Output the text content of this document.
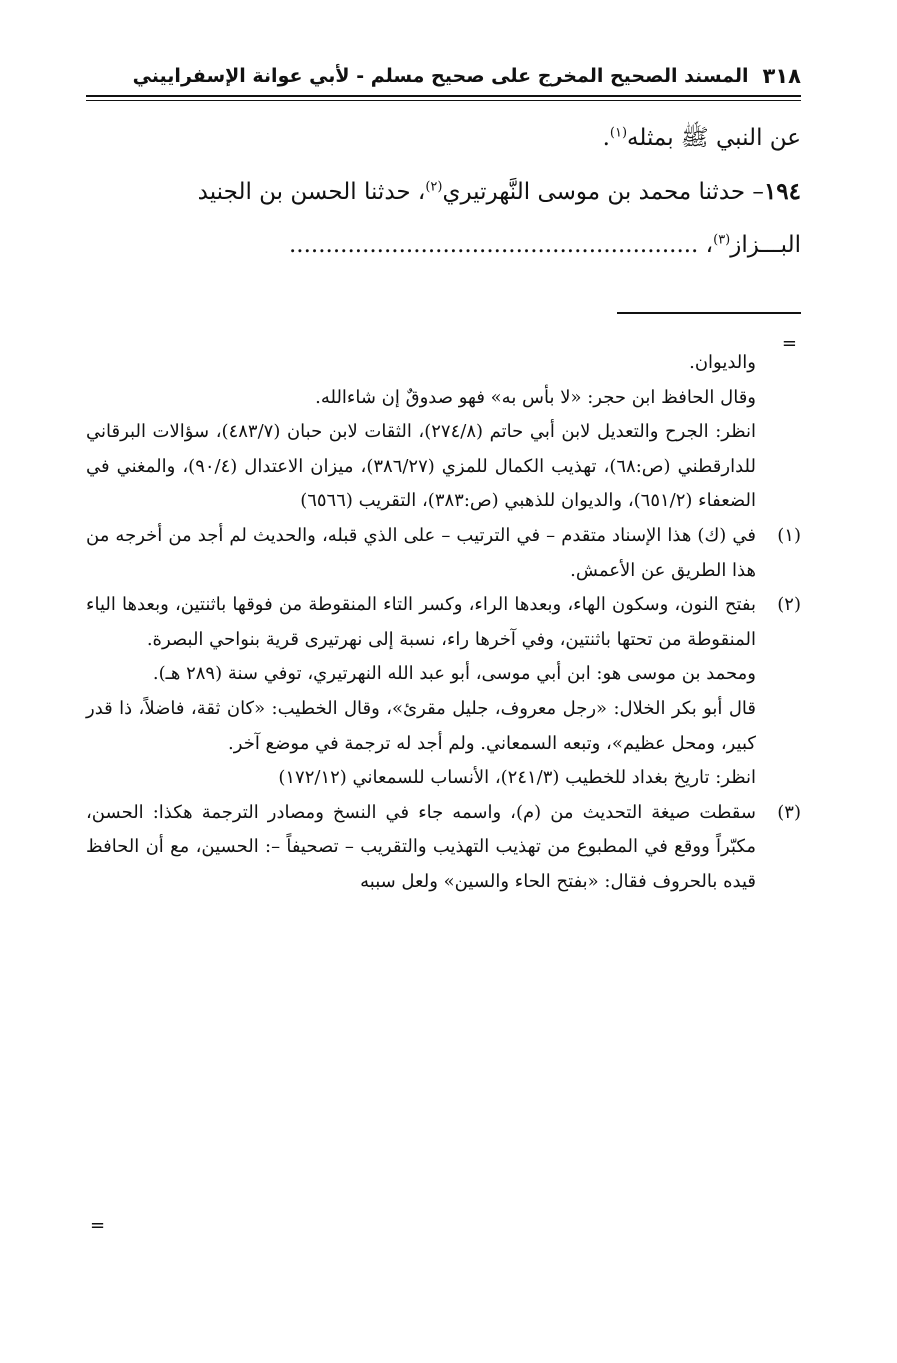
٣١٨
المسند الصحيح المخرج على صحيح مسلم - لأبي عوانة الإسفراييني

عن النبي ﷺ بمثله$^{(١)}$.

١٩٤– حدثنا محمد بن موسى النَّهرتيري$^{(٢)}$، حدثنا الحسن بن الجنيد

البـــزاز$^{(٣)}$، ........................................................

=

والديوان.

وقال الحافظ ابن حجر: «لا بأس به» فهو صدوقٌ إن شاءالله.

انظر: الجرح والتعديل لابن أبي حاتم (٢٧٤/٨)، الثقات لابن حبان (٤٨٣/٧)، سؤالات البرقاني للدارقطني (ص:٦٨)، تهذيب الكمال للمزي (٣٨٦/٢٧)، ميزان الاعتدال (٩٠/٤)، والمغني في الضعفاء (٦٥١/٢)، والديوان للذهبي (ص:٣٨٣)، التقريب (٦٥٦٦)

(١)

في (ك) هذا الإسناد متقدم – في الترتيب – على الذي قبله، والحديث لم أجد من أخرجه من هذا الطريق عن الأعمش.

(٢)

بفتح النون، وسكون الهاء، وبعدها الراء، وكسر التاء المنقوطة من فوقها باثنتين، وبعدها الياء المنقوطة من تحتها باثنتين، وفي آخرها راء، نسبة إلى نهرتيرى قرية بنواحي البصرة.

ومحمد بن موسى هو: ابن أبي موسى، أبو عبد الله النهرتيري، توفي سنة (٢٨٩ هـ).

قال أبو بكر الخلال: «رجل معروف، جليل مقرئ»، وقال الخطيب: «كان ثقة، فاضلاً، ذا قدر كبير، ومحل عظيم»، وتبعه السمعاني. ولم أجد له ترجمة في موضع آخر.

انظر: تاريخ بغداد للخطيب (٢٤١/٣)، الأنساب للسمعاني (١٧٢/١٢)

(٣)

سقطت صيغة التحديث من (م)، واسمه جاء في النسخ ومصادر الترجمة هكذا: الحسن، مكبّراً ووقع في المطبوع من تهذيب التهذيب والتقريب – تصحيفاً –: الحسين، مع أن الحافظ قيده بالحروف فقال: «بفتح الحاء والسين» ولعل سببه

=
